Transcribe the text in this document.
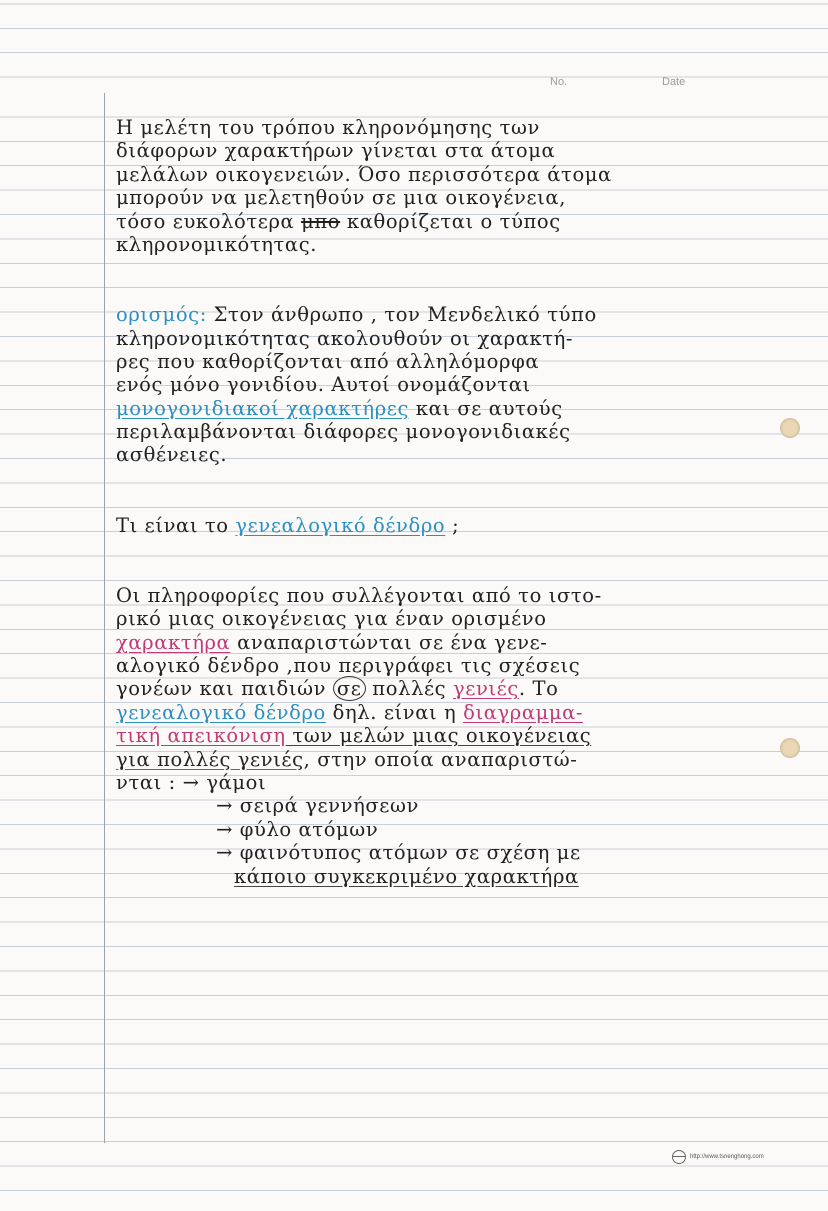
No.	Date
Η μελέτη του τρόπου κληρονόμησης των
διάφορων χαρακτήρων γίνεται στα άτομα
μελάλων οικογενειών. Όσο περισσότερα άτομα
μπορούν να μελετηθούν σε μια οικογένεια,
τόσο ευκολότερα μπο καθορίζεται ο τύπος
κληρονομικότητας.
ορισμός: Στον άνθρωπο , τον Μενδελικό τύπο
κληρονομικότητας ακολουθούν οι χαρακτή-
ρες που καθορίζονται από αλληλόμορφα
ενός μόνο γονιδίου. Αυτοί ονομάζονται
μονογονιδιακοί χαρακτήρες και σε αυτούς
περιλαμβάνονται διάφορες μονογονιδιακές
ασθένειες.
Τι είναι το γενεαλογικό δένδρο ;
Οι πληροφορίες που συλλέγονται από το ιστο-
ρικό μιας οικογένειας για έναν ορισμένο
χαρακτήρα αναπαριστώνται σε ένα γενε-
αλογικό δένδρο ,που περιγράφει τις σχέσεις
γονέων και παιδιών σε πολλές γενιές. Το
γενεαλογικό δένδρο δηλ. είναι η διαγραμμα-
τική απεικόνιση των μελών μιας οικογένειας
για πολλές γενιές, στην οποία αναπαριστώ-
νται : → γάμοι
→ σειρά γεννήσεων
→ φύλο ατόμων
→ φαινότυπος ατόμων σε σχέση με
κάποιο συγκεκριμένο χαρακτήρα
http://www.tsnenghong.com
